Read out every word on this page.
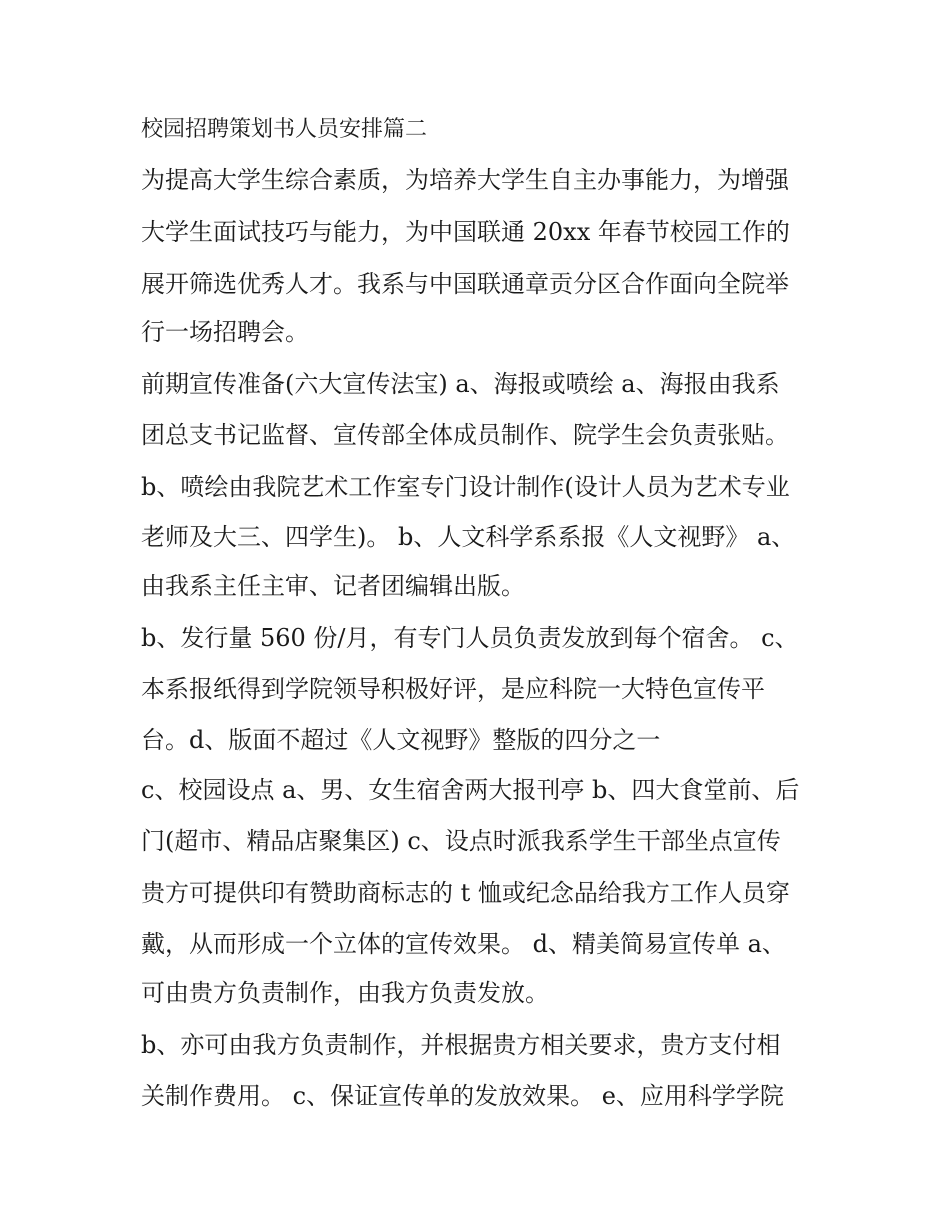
校园招聘策划书人员安排篇二
为提高大学生综合素质，为培养大学生自主办事能力，为增强
大学生面试技巧与能力，为中国联通 20xx 年春节校园工作的
展开筛选优秀人才。我系与中国联通章贡分区合作面向全院举
行一场招聘会。
前期宣传准备(六大宣传法宝) a、海报或喷绘 a、海报由我系
团总支书记监督、宣传部全体成员制作、院学生会负责张贴。
b、喷绘由我院艺术工作室专门设计制作(设计人员为艺术专业
老师及大三、四学生)。 b、人文科学系系报《人文视野》 a、
由我系主任主审、记者团编辑出版。
b、发行量 560 份/月，有专门人员负责发放到每个宿舍。 c、
本系报纸得到学院领导积极好评，是应科院一大特色宣传平
台。d、版面不超过《人文视野》整版的四分之一
c、校园设点 a、男、女生宿舍两大报刊亭 b、四大食堂前、后
门(超市、精品店聚集区) c、设点时派我系学生干部坐点宣传
贵方可提供印有赞助商标志的 t 恤或纪念品给我方工作人员穿
戴，从而形成一个立体的宣传效果。 d、精美简易宣传单 a、
可由贵方负责制作，由我方负责发放。
b、亦可由我方负责制作，并根据贵方相关要求，贵方支付相
关制作费用。 c、保证宣传单的发放效果。 e、应用科学学院
